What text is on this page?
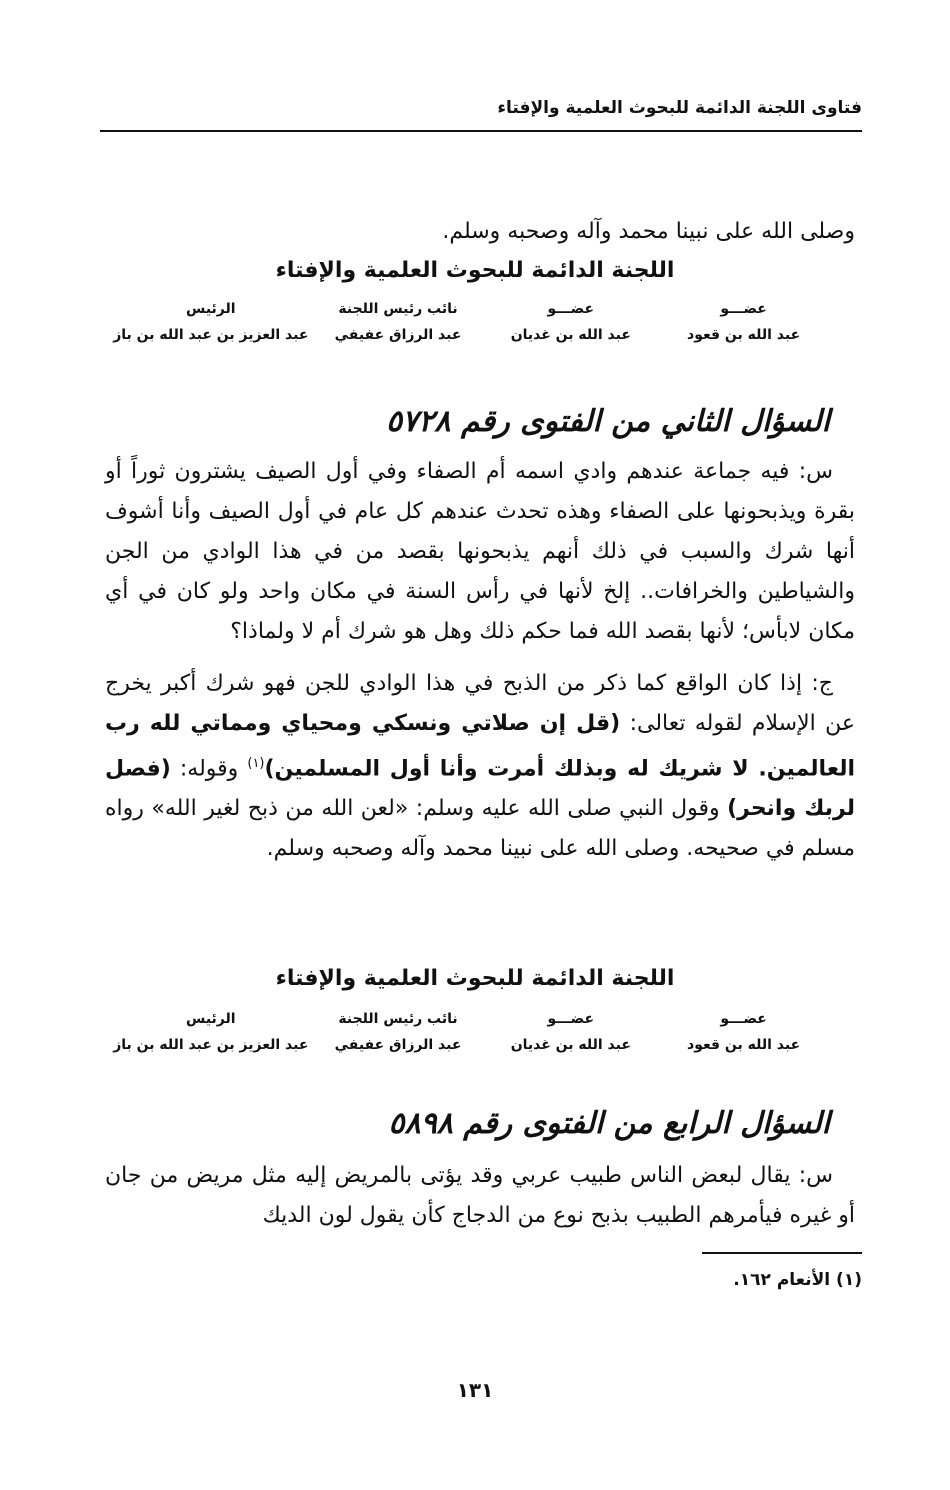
فتاوى اللجنة الدائمة للبحوث العلمية والإفتاء

وصلى الله على نبينا محمد وآله وصحبه وسلم.

اللجنة الدائمة للبحوث العلمية والإفتاء
عضـــو
عبد الله بن قعود
عضـــو
عبد الله بن غديان
نائب رئيس اللجنة
عبد الرزاق عفيفي
الرئيس
عبد العزيز بن عبد الله بن باز
السؤال الثاني من الفتوى رقم ٥٧٢٨

س: فيه جماعة عندهم وادي اسمه أم الصفاء وفي أول الصيف يشترون ثوراً أو بقرة ويذبحونها على الصفاء وهذه تحدث عندهم كل عام في أول الصيف وأنا أشوف أنها شرك والسبب في ذلك أنهم يذبحونها بقصد من في هذا الوادي من الجن والشياطين والخرافات.. إلخ لأنها في رأس السنة في مكان واحد ولو كان في أي مكان لابأس؛ لأنها بقصد الله فما حكم ذلك وهل هو شرك أم لا ولماذا؟

ج: إذا كان الواقع كما ذكر من الذبح في هذا الوادي للجن فهو شرك أكبر يخرج عن الإسلام لقوله تعالى: (قل إن صلاتي ونسكي ومحياي ومماتي لله رب العالمين. لا شريك له وبذلك أمرت وأنا أول المسلمين)$^{(١)}$ وقوله: (فصل لربك وانحر) وقول النبي صلى الله عليه وسلم: «لعن الله من ذبح لغير الله» رواه مسلم في صحيحه. وصلى الله على نبينا محمد وآله وصحبه وسلم.

اللجنة الدائمة للبحوث العلمية والإفتاء
عضـــو
عبد الله بن قعود
عضـــو
عبد الله بن غديان
نائب رئيس اللجنة
عبد الرزاق عفيفي
الرئيس
عبد العزيز بن عبد الله بن باز
السؤال الرابع من الفتوى رقم ٥٨٩٨

س: يقال لبعض الناس طبيب عربي وقد يؤتى بالمريض إليه مثل مريض من جان أو غيره فيأمرهم الطبيب بذبح نوع من الدجاج كأن يقول لون الديك

(١) الأنعام ١٦٢.
١٣١
